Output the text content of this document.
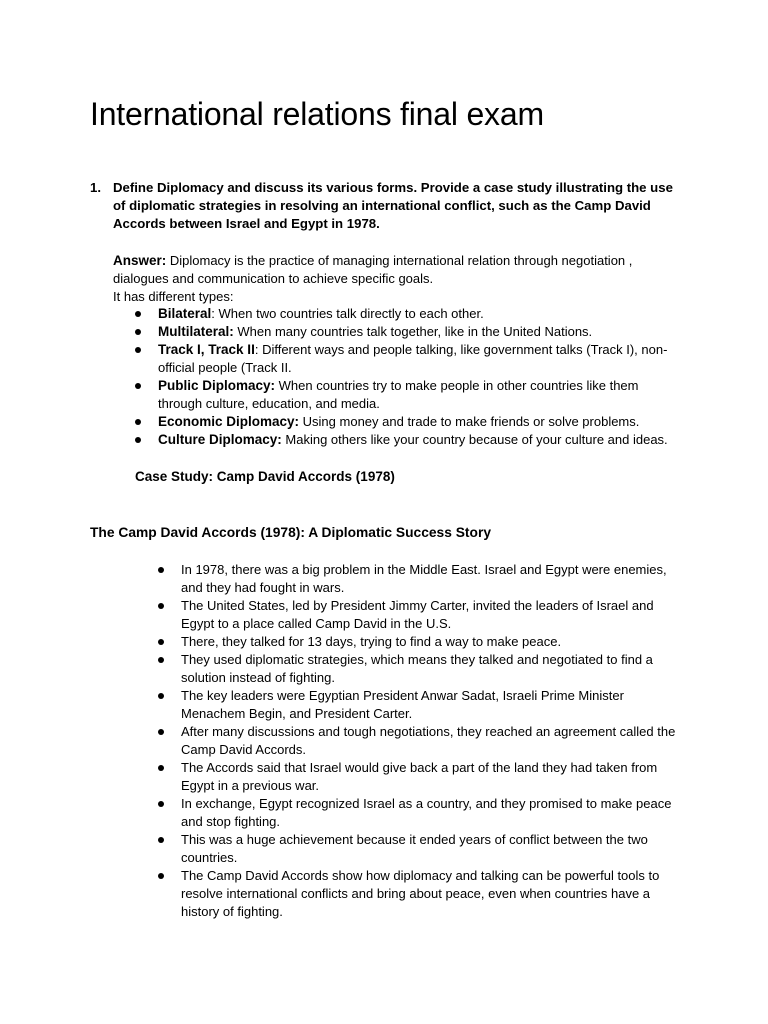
International relations final exam
1. Define Diplomacy and discuss its various forms. Provide a case study illustrating the use of diplomatic strategies in resolving an international conflict, such as the Camp David Accords between Israel and Egypt in 1978.
Answer: Diplomacy is the practice of managing international relation through negotiation , dialogues and communication to achieve specific goals.
It has different types:
Bilateral: When two countries talk directly to each other.
Multilateral: When many countries talk together, like in the United Nations.
Track I, Track II: Different ways and people talking, like government talks (Track I), non-official people (Track II.
Public Diplomacy: When countries try to make people in other countries like them through culture, education, and media.
Economic Diplomacy: Using money and trade to make friends or solve problems.
Culture Diplomacy: Making others like your country because of your culture and ideas.
Case Study: Camp David Accords (1978)
The Camp David Accords (1978): A Diplomatic Success Story
In 1978, there was a big problem in the Middle East. Israel and Egypt were enemies, and they had fought in wars.
The United States, led by President Jimmy Carter, invited the leaders of Israel and Egypt to a place called Camp David in the U.S.
There, they talked for 13 days, trying to find a way to make peace.
They used diplomatic strategies, which means they talked and negotiated to find a solution instead of fighting.
The key leaders were Egyptian President Anwar Sadat, Israeli Prime Minister Menachem Begin, and President Carter.
After many discussions and tough negotiations, they reached an agreement called the Camp David Accords.
The Accords said that Israel would give back a part of the land they had taken from Egypt in a previous war.
In exchange, Egypt recognized Israel as a country, and they promised to make peace and stop fighting.
This was a huge achievement because it ended years of conflict between the two countries.
The Camp David Accords show how diplomacy and talking can be powerful tools to resolve international conflicts and bring about peace, even when countries have a history of fighting.
